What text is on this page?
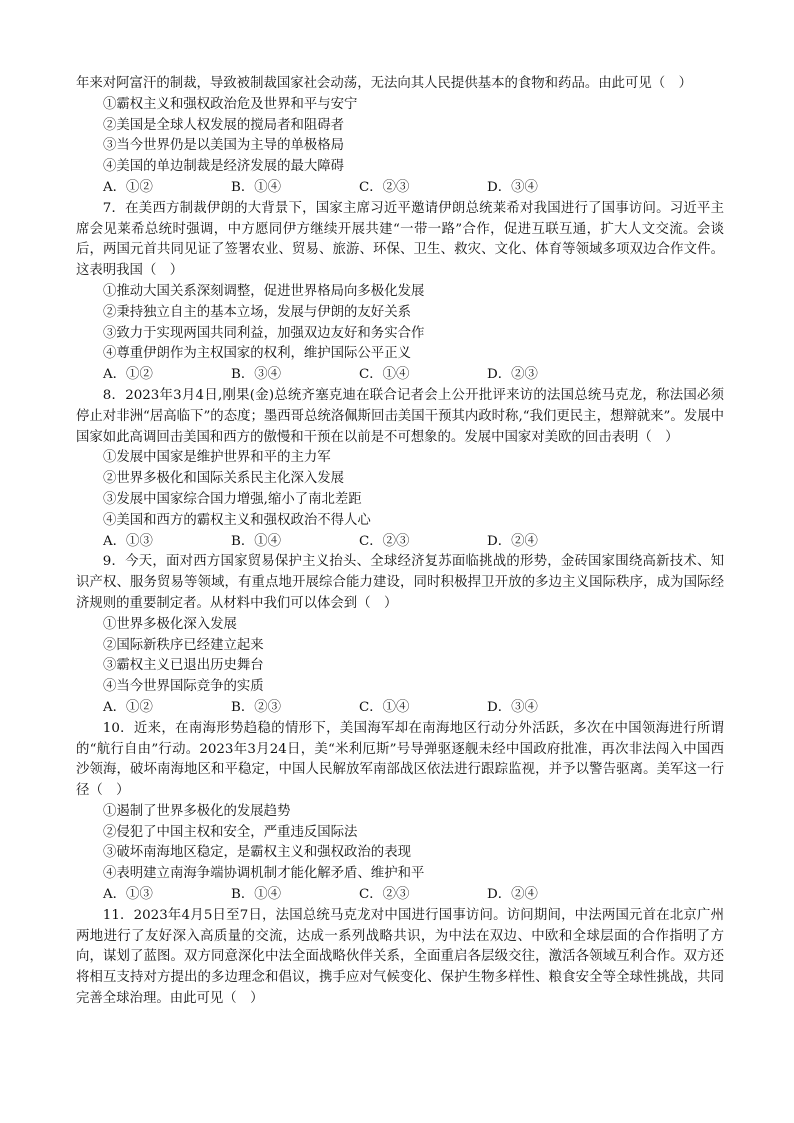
年来对阿富汗的制裁，导致被制裁国家社会动荡，无法向其人民提供基本的食物和药品。由此可见（　）

①霸权主义和强权政治危及世界和平与安宁

②美国是全球人权发展的搅局者和阻碍者

③当今世界仍是以美国为主导的单极格局

④美国的单边制裁是经济发展的最大障碍

A．①②	B．①④	C．②③	D．③④

7．在美西方制裁伊朗的大背景下，国家主席习近平邀请伊朗总统莱希对我国进行了国事访问。习近平主席会见莱希总统时强调，中方愿同伊方继续开展共建“一带一路”合作，促进互联互通，扩大人文交流。会谈后，两国元首共同见证了签署农业、贸易、旅游、环保、卫生、救灾、文化、体育等领域多项双边合作文件。这表明我国（　）

①推动大国关系深刻调整，促进世界格局向多极化发展

②秉持独立自主的基本立场，发展与伊朗的友好关系

③致力于实现两国共同利益，加强双边友好和务实合作

④尊重伊朗作为主权国家的权利，维护国际公平正义

A．①②	B．③④	C．①④	D．②③

8．2023年3月4日,刚果(金)总统齐塞克迪在联合记者会上公开批评来访的法国总统马克龙，称法国必须停止对非洲“居高临下”的态度；墨西哥总统洛佩斯回击美国干预其内政时称,“我们更民主，想辩就来”。发展中国家如此高调回击美国和西方的傲慢和干预在以前是不可想象的。发展中国家对美欧的回击表明（　）

①发展中国家是维护世界和平的主力军

②世界多极化和国际关系民主化深入发展

③发展中国家综合国力增强,缩小了南北差距

④美国和西方的霸权主义和强权政治不得人心

A．①③	B．①④	C．②③	D．②④

9．今天，面对西方国家贸易保护主义抬头、全球经济复苏面临挑战的形势，金砖国家围绕高新技术、知识产权、服务贸易等领域，有重点地开展综合能力建设，同时积极捍卫开放的多边主义国际秩序，成为国际经济规则的重要制定者。从材料中我们可以体会到（　）

①世界多极化深入发展

②国际新秩序已经建立起来

③霸权主义已退出历史舞台

④当今世界国际竞争的实质

A．①②	B．②③	C．①④	D．③④

10．近来，在南海形势趋稳的情形下，美国海军却在南海地区行动分外活跃，多次在中国领海进行所谓的“航行自由”行动。2023年3月24日，美“米利厄斯”号导弹驱逐舰未经中国政府批准，再次非法闯入中国西沙领海，破坏南海地区和平稳定，中国人民解放军南部战区依法进行跟踪监视，并予以警告驱离。美军这一行径（　）

①遏制了世界多极化的发展趋势

②侵犯了中国主权和安全，严重违反国际法

③破坏南海地区稳定，是霸权主义和强权政治的表现

④表明建立南海争端协调机制才能化解矛盾、维护和平

A．①③	B．①④	C．②③	D．②④

11．2023年4月5日至7日，法国总统马克龙对中国进行国事访问。访问期间，中法两国元首在北京广州两地进行了友好深入高质量的交流，达成一系列战略共识，为中法在双边、中欧和全球层面的合作指明了方向，谋划了蓝图。双方同意深化中法全面战略伙伴关系，全面重启各层级交往，激活各领域互利合作。双方还将相互支持对方提出的多边理念和倡议，携手应对气候变化、保护生物多样性、粮食安全等全球性挑战，共同完善全球治理。由此可见（　）
